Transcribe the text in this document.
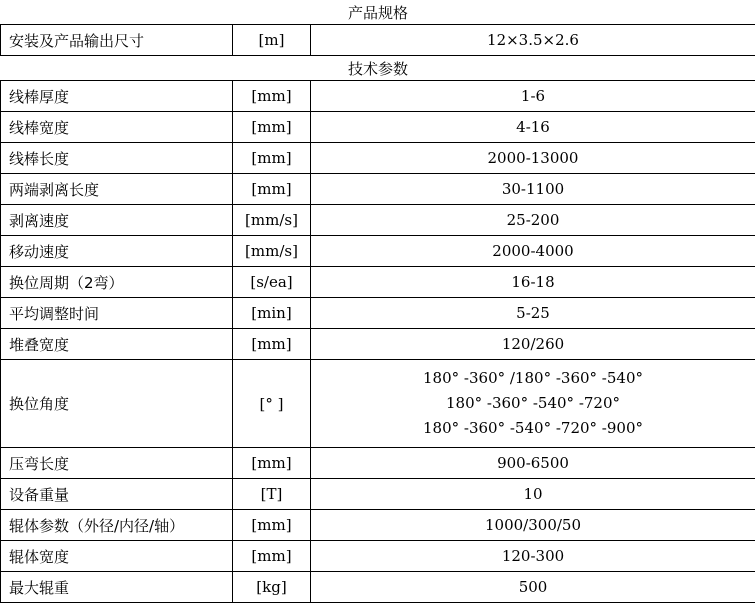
产品规格		
安装及产品输出尺寸	[m]	12×3.5×2.6
技术参数		
线棒厚度	[mm]	1-6
线棒宽度	[mm]	4-16
线棒长度	[mm]	2000-13000
两端剥离长度	[mm]	30-1100
剥离速度	[mm/s]	25-200
移动速度	[mm/s]	2000-4000
换位周期（2弯）	[s/ea]	16-18
平均调整时间	[min]	5-25
堆叠宽度	[mm]	120/260
换位角度	[° ]	180° -360° /180° -360° -540°
180° -360° -540° -720°
180° -360° -540° -720° -900°

压弯长度	[mm]	900-6500
设备重量	[T]	10
辊体参数（外径/内径/轴）	[mm]	1000/300/50
辊体宽度	[mm]	120-300
最大辊重	[kg]	500
